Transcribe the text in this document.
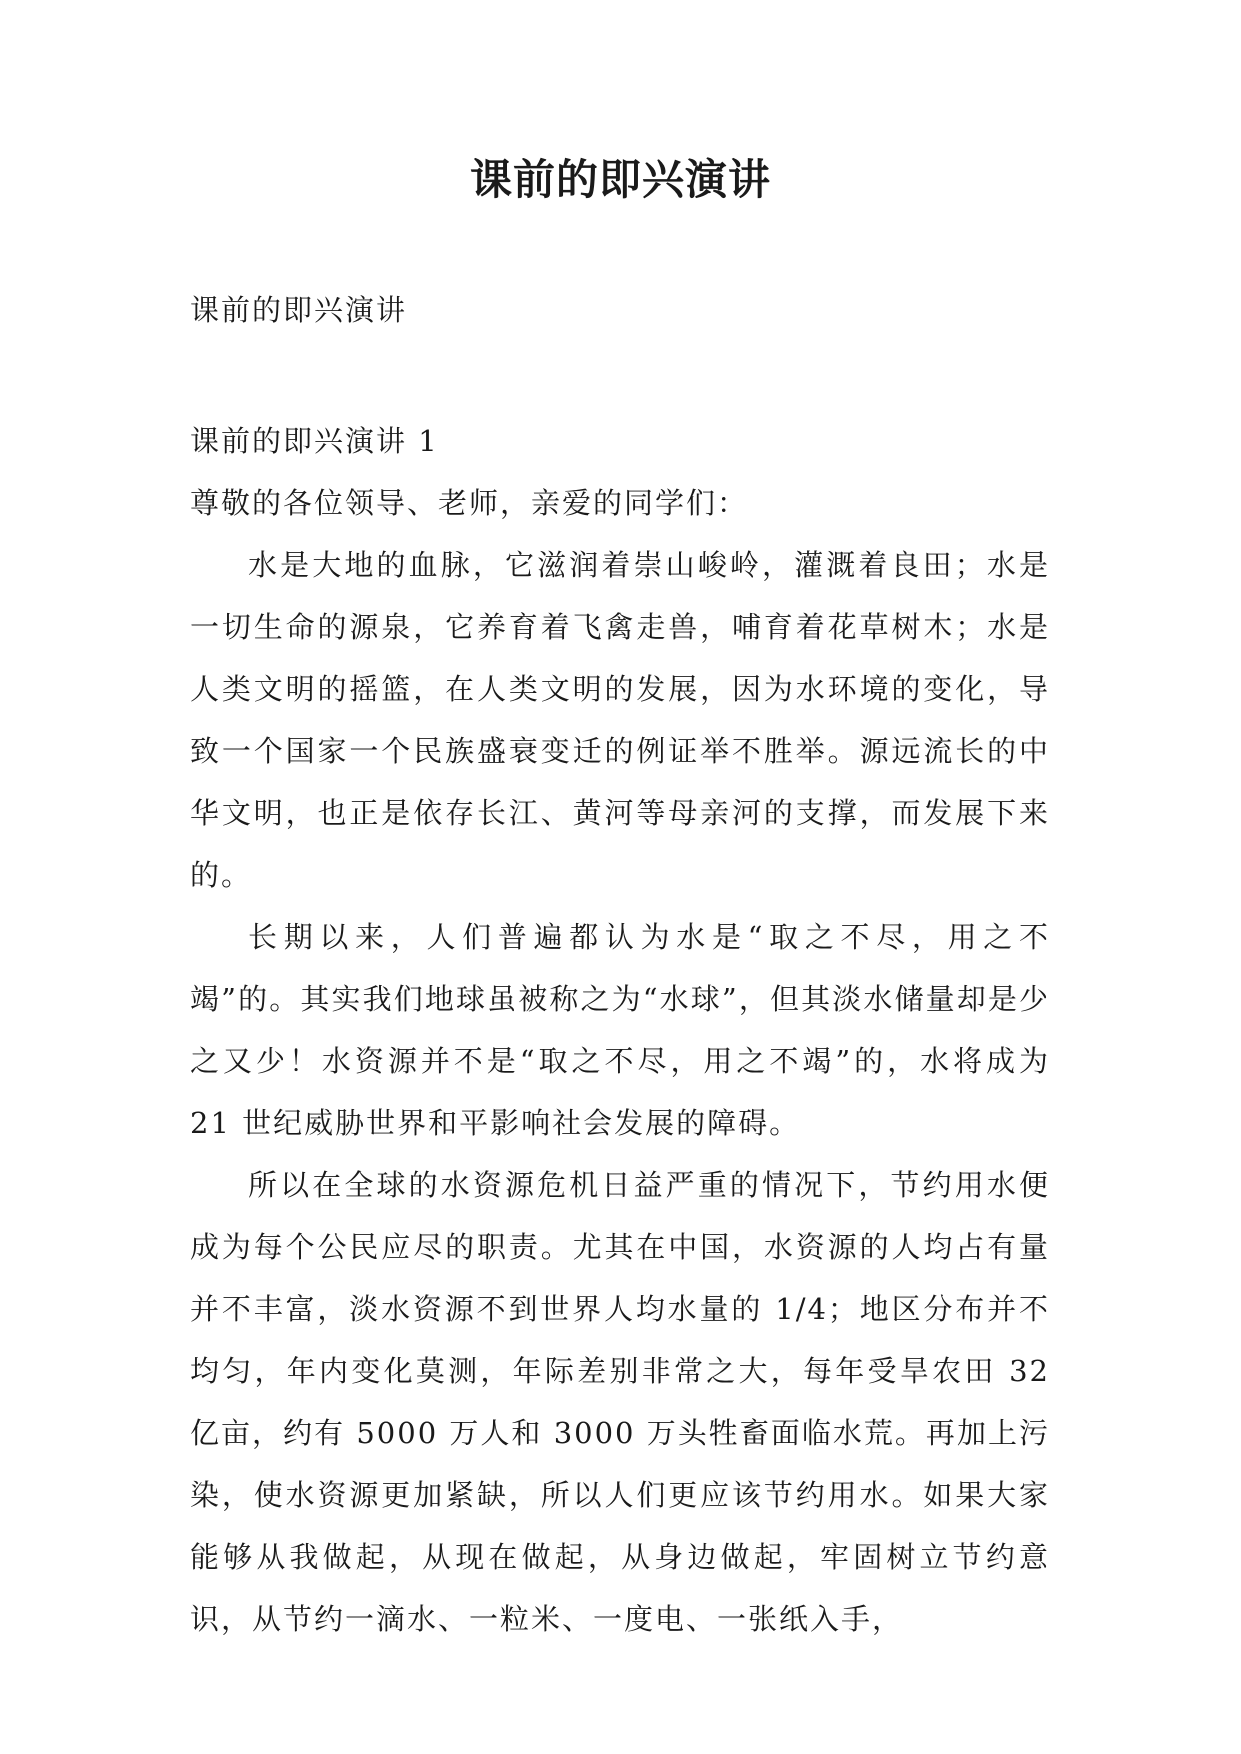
课前的即兴演讲
课前的即兴演讲

课前的即兴演讲 1

尊敬的各位领导、老师，亲爱的同学们：

水是大地的血脉，它滋润着崇山峻岭，灌溉着良田；水是一切生命的源泉，它养育着飞禽走兽，哺育着花草树木；水是人类文明的摇篮，在人类文明的发展，因为水环境的变化，导致一个国家一个民族盛衰变迁的例证举不胜举。源远流长的中华文明，也正是依存长江、黄河等母亲河的支撑，而发展下来的。

长期以来，人们普遍都认为水是“取之不尽，用之不竭”的。其实我们地球虽被称之为“水球”，但其淡水储量却是少之又少！水资源并不是“取之不尽，用之不竭”的，水将成为 21 世纪威胁世界和平影响社会发展的障碍。

所以在全球的水资源危机日益严重的情况下，节约用水便成为每个公民应尽的职责。尤其在中国，水资源的人均占有量并不丰富，淡水资源不到世界人均水量的 1/4；地区分布并不均匀，年内变化莫测，年际差别非常之大，每年受旱农田 32 亿亩，约有 5000 万人和 3000 万头牲畜面临水荒。再加上污染，使水资源更加紧缺，所以人们更应该节约用水。如果大家能够从我做起，从现在做起，从身边做起，牢固树立节约意识，从节约一滴水、一粒米、一度电、一张纸入手，
